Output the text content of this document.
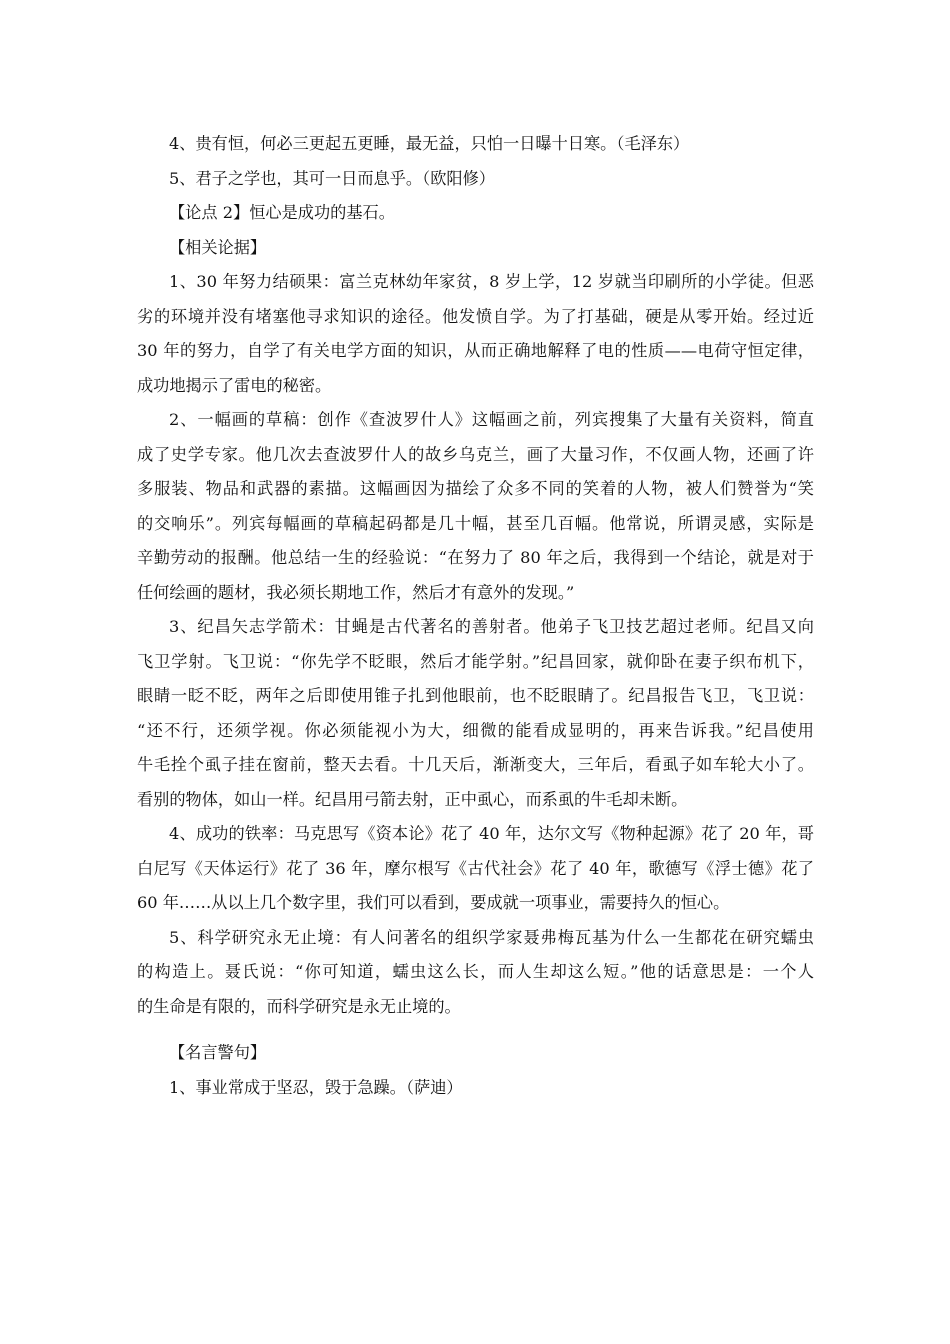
4、贵有恒，何必三更起五更睡，最无益，只怕一日曝十日寒。（毛泽东）
5、君子之学也，其可一日而息乎。（欧阳修）
【论点 2】恒心是成功的基石。
【相关论据】
1、30 年努力结硕果：富兰克林幼年家贫，8 岁上学，12 岁就当印刷所的小学徒。但恶
劣的环境并没有堵塞他寻求知识的途径。他发愤自学。为了打基础，硬是从零开始。经过近
30 年的努力，自学了有关电学方面的知识，从而正确地解释了电的性质——电荷守恒定律，
成功地揭示了雷电的秘密。
2、一幅画的草稿：创作《查波罗什人》这幅画之前，列宾搜集了大量有关资料，简直
成了史学专家。他几次去查波罗什人的故乡乌克兰，画了大量习作，不仅画人物，还画了许
多服装、物品和武器的素描。这幅画因为描绘了众多不同的笑着的人物，被人们赞誉为“笑
的交响乐”。列宾每幅画的草稿起码都是几十幅，甚至几百幅。他常说，所谓灵感，实际是
辛勤劳动的报酬。他总结一生的经验说：“在努力了 80 年之后，我得到一个结论，就是对于
任何绘画的题材，我必须长期地工作，然后才有意外的发现。”
3、纪昌矢志学箭术：甘蝇是古代著名的善射者。他弟子飞卫技艺超过老师。纪昌又向
飞卫学射。飞卫说：“你先学不眨眼，然后才能学射。”纪昌回家，就仰卧在妻子织布机下，
眼睛一眨不眨，两年之后即使用锥子扎到他眼前，也不眨眼睛了。纪昌报告飞卫，飞卫说：
“还不行，还须学视。你必须能视小为大，细微的能看成显明的，再来告诉我。”纪昌使用
牛毛拴个虱子挂在窗前，整天去看。十几天后，渐渐变大，三年后，看虱子如车轮大小了。
看别的物体，如山一样。纪昌用弓箭去射，正中虱心，而系虱的牛毛却未断。
4、成功的铁率：马克思写《资本论》花了 40 年，达尔文写《物种起源》花了 20 年，哥
白尼写《天体运行》花了 36 年，摩尔根写《古代社会》花了 40 年，歌德写《浮士德》花了
60 年……从以上几个数字里，我们可以看到，要成就一项事业，需要持久的恒心。
5、科学研究永无止境：有人问著名的组织学家聂弗梅瓦基为什么一生都花在研究蠕虫
的构造上。聂氏说：“你可知道，蠕虫这么长，而人生却这么短。”他的话意思是：一个人
的生命是有限的，而科学研究是永无止境的。
【名言警句】
1、事业常成于坚忍，毁于急躁。（萨迪）
